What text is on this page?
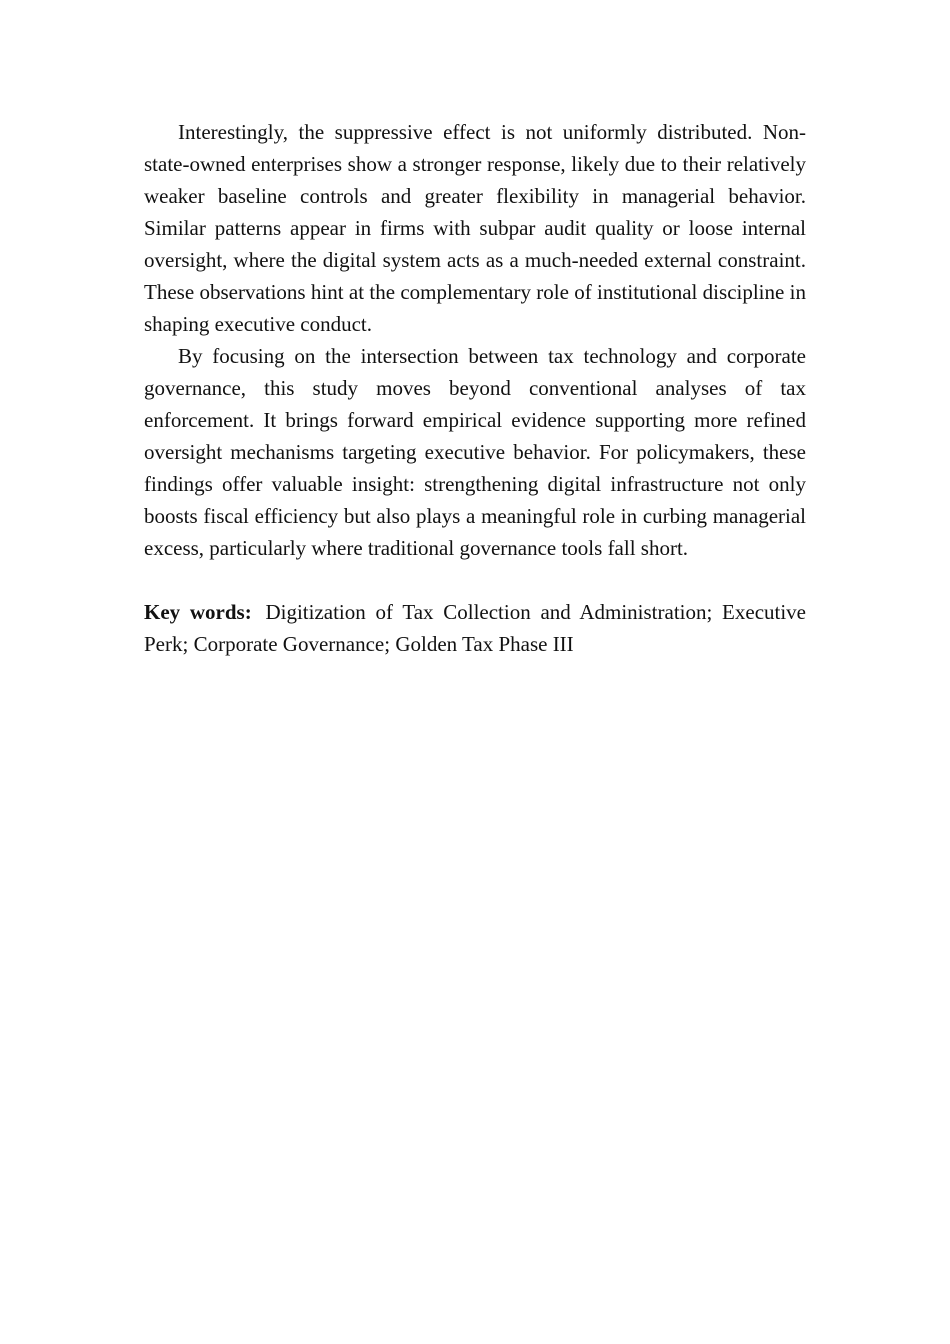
Interestingly, the suppressive effect is not uniformly distributed. Non-state-owned enterprises show a stronger response, likely due to their relatively weaker baseline controls and greater flexibility in managerial behavior. Similar patterns appear in firms with subpar audit quality or loose internal oversight, where the digital system acts as a much-needed external constraint. These observations hint at the complementary role of institutional discipline in shaping executive conduct.

By focusing on the intersection between tax technology and corporate governance, this study moves beyond conventional analyses of tax enforcement. It brings forward empirical evidence supporting more refined oversight mechanisms targeting executive behavior. For policymakers, these findings offer valuable insight: strengthening digital infrastructure not only boosts fiscal efficiency but also plays a meaningful role in curbing managerial excess, particularly where traditional governance tools fall short.

Key words: Digitization of Tax Collection and Administration; Executive Perk; Corporate Governance; Golden Tax Phase III
